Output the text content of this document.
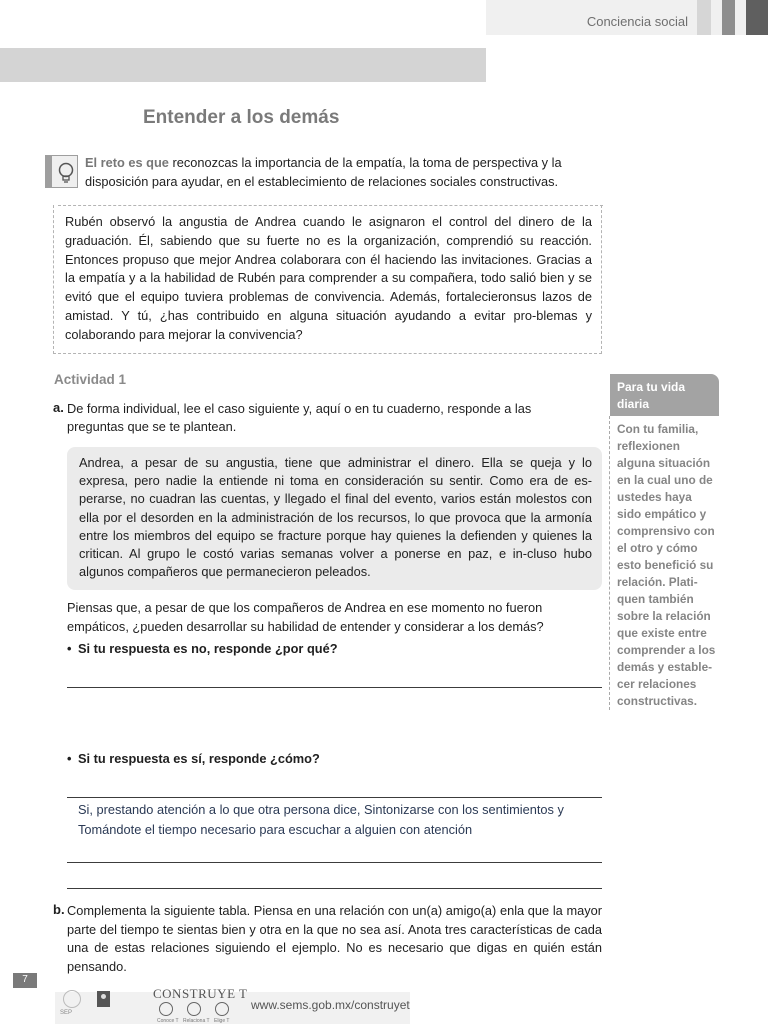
Conciencia social
Entender a los demás
El reto es que reconozcas la importancia de la empatía, la toma de perspectiva y la disposición para ayudar, en el establecimiento de relaciones sociales constructivas.
Rubén observó la angustia de Andrea cuando le asignaron el control del dinero de la graduación. Él, sabiendo que su fuerte no es la organización, comprendió su reacción. Entonces propuso que mejor Andrea colaborara con él haciendo las invitaciones. Gracias a la empatía y a la habilidad de Rubén para comprender a su compañera, todo salió bien y se evitó que el equipo tuviera problemas de convivencia. Además, fortalecieronsus lazos de amistad. Y tú, ¿has contribuido en alguna situación ayudando a evitar pro-blemas y colaborando para mejorar la convivencia?
Actividad 1
a. De forma individual, lee el caso siguiente y, aquí o en tu cuaderno, responde a las preguntas que se te plantean.
Andrea, a pesar de su angustia, tiene que administrar el dinero. Ella se queja y lo expresa, pero nadie la entiende ni toma en consideración su sentir. Como era de es-perarse, no cuadran las cuentas, y llegado el final del evento, varios están molestos con ella por el desorden en la administración de los recursos, lo que provoca que la armonía entre los miembros del equipo se fracture porque hay quienes la defienden y quienes la critican. Al grupo le costó varias semanas volver a ponerse en paz, e in-cluso hubo algunos compañeros que permanecieron peleados.
Piensas que, a pesar de que los compañeros de Andrea en ese momento no fueron empáticos, ¿pueden desarrollar su habilidad de entender y considerar a los demás?
• Si tu respuesta es no, responde ¿por qué?
• Si tu respuesta es sí, responde ¿cómo?
Si, prestando atención a lo que otra persona dice, Sintonizarse con los sentimientos y Tomándote el tiempo necesario para escuchar a alguien con atención
b. Complementa la siguiente tabla. Piensa en una relación con un(a) amigo(a) enla que la mayor parte del tiempo te sientas bien y otra en la que no sea así. Anota tres características de cada una de estas relaciones siguiendo el ejemplo. No es necesario que digas en quién están pensando.
Para tu vida diaria
Con tu familia, reflexionen alguna situación en la cual uno de ustedes haya sido empático y comprensivo con el otro y cómo esto benefició su relación. Plati-quen también sobre la relación que existe entre comprender a los demás y estable-cer relaciones constructivas.
7
SEP
CONSTRUYE T
Conoce T Relaciona T Elige T
www.sems.gob.mx/construyet
